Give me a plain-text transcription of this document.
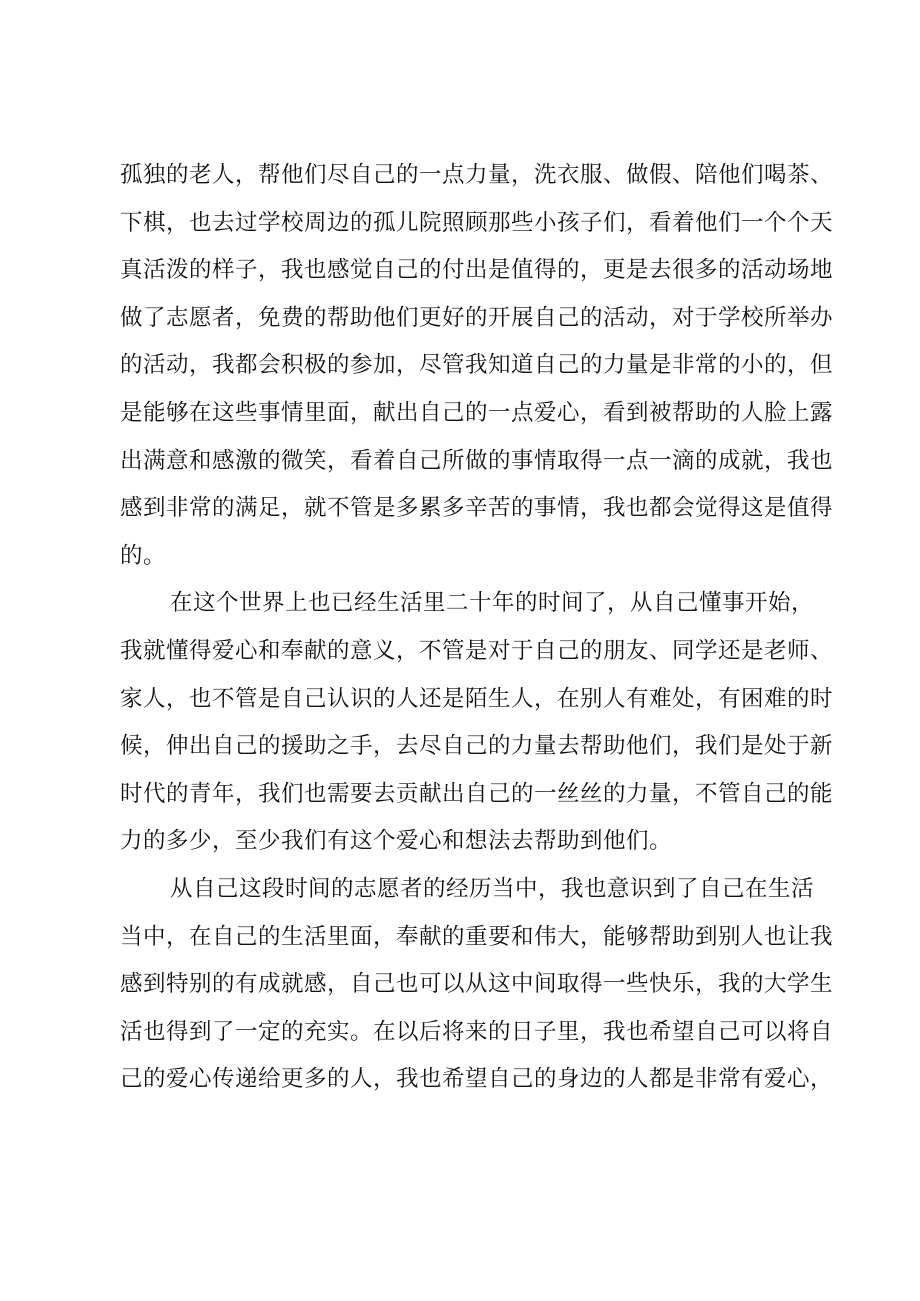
孤独的老人，帮他们尽自己的一点力量，洗衣服、做假、陪他们喝茶、
下棋，也去过学校周边的孤儿院照顾那些小孩子们，看着他们一个个天
真活泼的样子，我也感觉自己的付出是值得的，更是去很多的活动场地
做了志愿者，免费的帮助他们更好的开展自己的活动，对于学校所举办
的活动，我都会积极的参加，尽管我知道自己的力量是非常的小的，但
是能够在这些事情里面，献出自己的一点爱心，看到被帮助的人脸上露
出满意和感激的微笑，看着自己所做的事情取得一点一滴的成就，我也
感到非常的满足，就不管是多累多辛苦的事情，我也都会觉得这是值得
的。
在这个世界上也已经生活里二十年的时间了，从自己懂事开始，
我就懂得爱心和奉献的意义，不管是对于自己的朋友、同学还是老师、
家人，也不管是自己认识的人还是陌生人，在别人有难处，有困难的时
候，伸出自己的援助之手，去尽自己的力量去帮助他们，我们是处于新
时代的青年，我们也需要去贡献出自己的一丝丝的力量，不管自己的能
力的多少，至少我们有这个爱心和想法去帮助到他们。
从自己这段时间的志愿者的经历当中，我也意识到了自己在生活
当中，在自己的生活里面，奉献的重要和伟大，能够帮助到别人也让我
感到特别的有成就感，自己也可以从这中间取得一些快乐，我的大学生
活也得到了一定的充实。在以后将来的日子里，我也希望自己可以将自
己的爱心传递给更多的人，我也希望自己的身边的人都是非常有爱心，
